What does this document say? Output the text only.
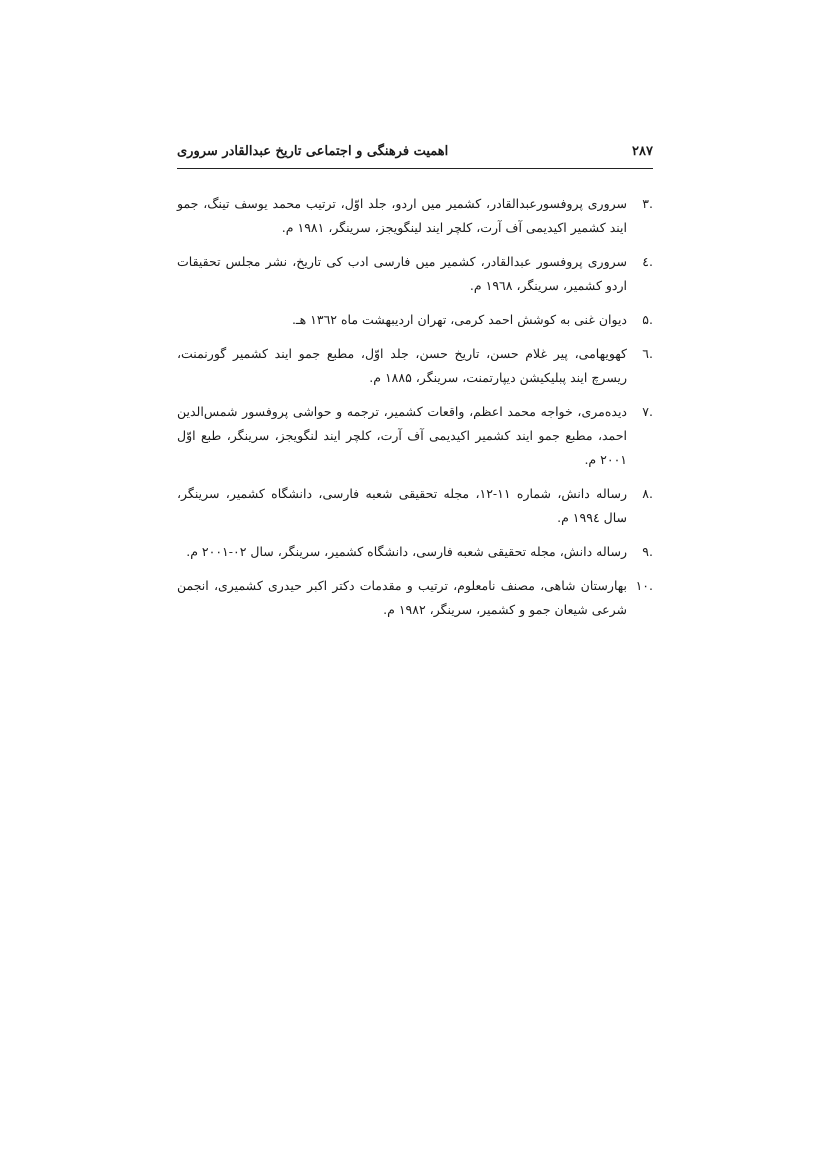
۲۸۷
اهمیت فرهنگی و اجتماعی تاریخ عبدالقادر سروری
.۳
سروری پروفسورعبدالقادر، کشمیر میں اردو، جلد اوّل، ترتیب محمد یوسف تینگ، جمو ایند کشمیر اکیدیمی آف آرت، کلچر ایند لینگویجز، سرینگر، ۱۹۸۱ م.
.٤
سروری پروفسور عبدالقادر، کشمیر میں فارسی ادب کی تاریخ، نشر مجلس تحقیقات اردو کشمیر، سرینگر، ۱۹٦۸ م.
.۵
دیوان غنی به کوشش احمد کرمی، تهران اردیبهشت ماه ۱۳٦۲ هـ.
.٦
کهویهامی، پیر غلام حسن، تاریخ حسن، جلد اوّل، مطبع جمو ایند کشمیر گورنمنت، ریسرچ ایند پبلیکیشن دیپارتمنت، سرینگر، ۱۸۸۵ م.
.۷
دیده‌مری، خواجه محمد اعظم، واقعات کشمیر، ترجمه و حواشی پروفسور شمس‌الدین احمد، مطبع جمو ایند کشمیر اکیدیمی آف آرت، کلچر ایند لنگویجز، سرینگر، طبع اوّل ۲۰۰۱ م.
.۸
رساله دانش، شماره ۱۱-۱۲، مجله تحقیقی شعبه فارسی، دانشگاه کشمیر، سرینگر، سال ۱۹۹٤ م.
.۹
رساله دانش، مجله تحقیقی شعبه فارسی، دانشگاه کشمیر، سرینگر، سال ۰۲-۲۰۰۱ م.
.۱۰
بهارستان شاهی، مصنف نامعلوم، ترتیب و مقدمات دکتر اکبر حیدری کشمیری، انجمن شرعی شیعان جمو و کشمیر، سرینگر، ۱۹۸۲ م.
